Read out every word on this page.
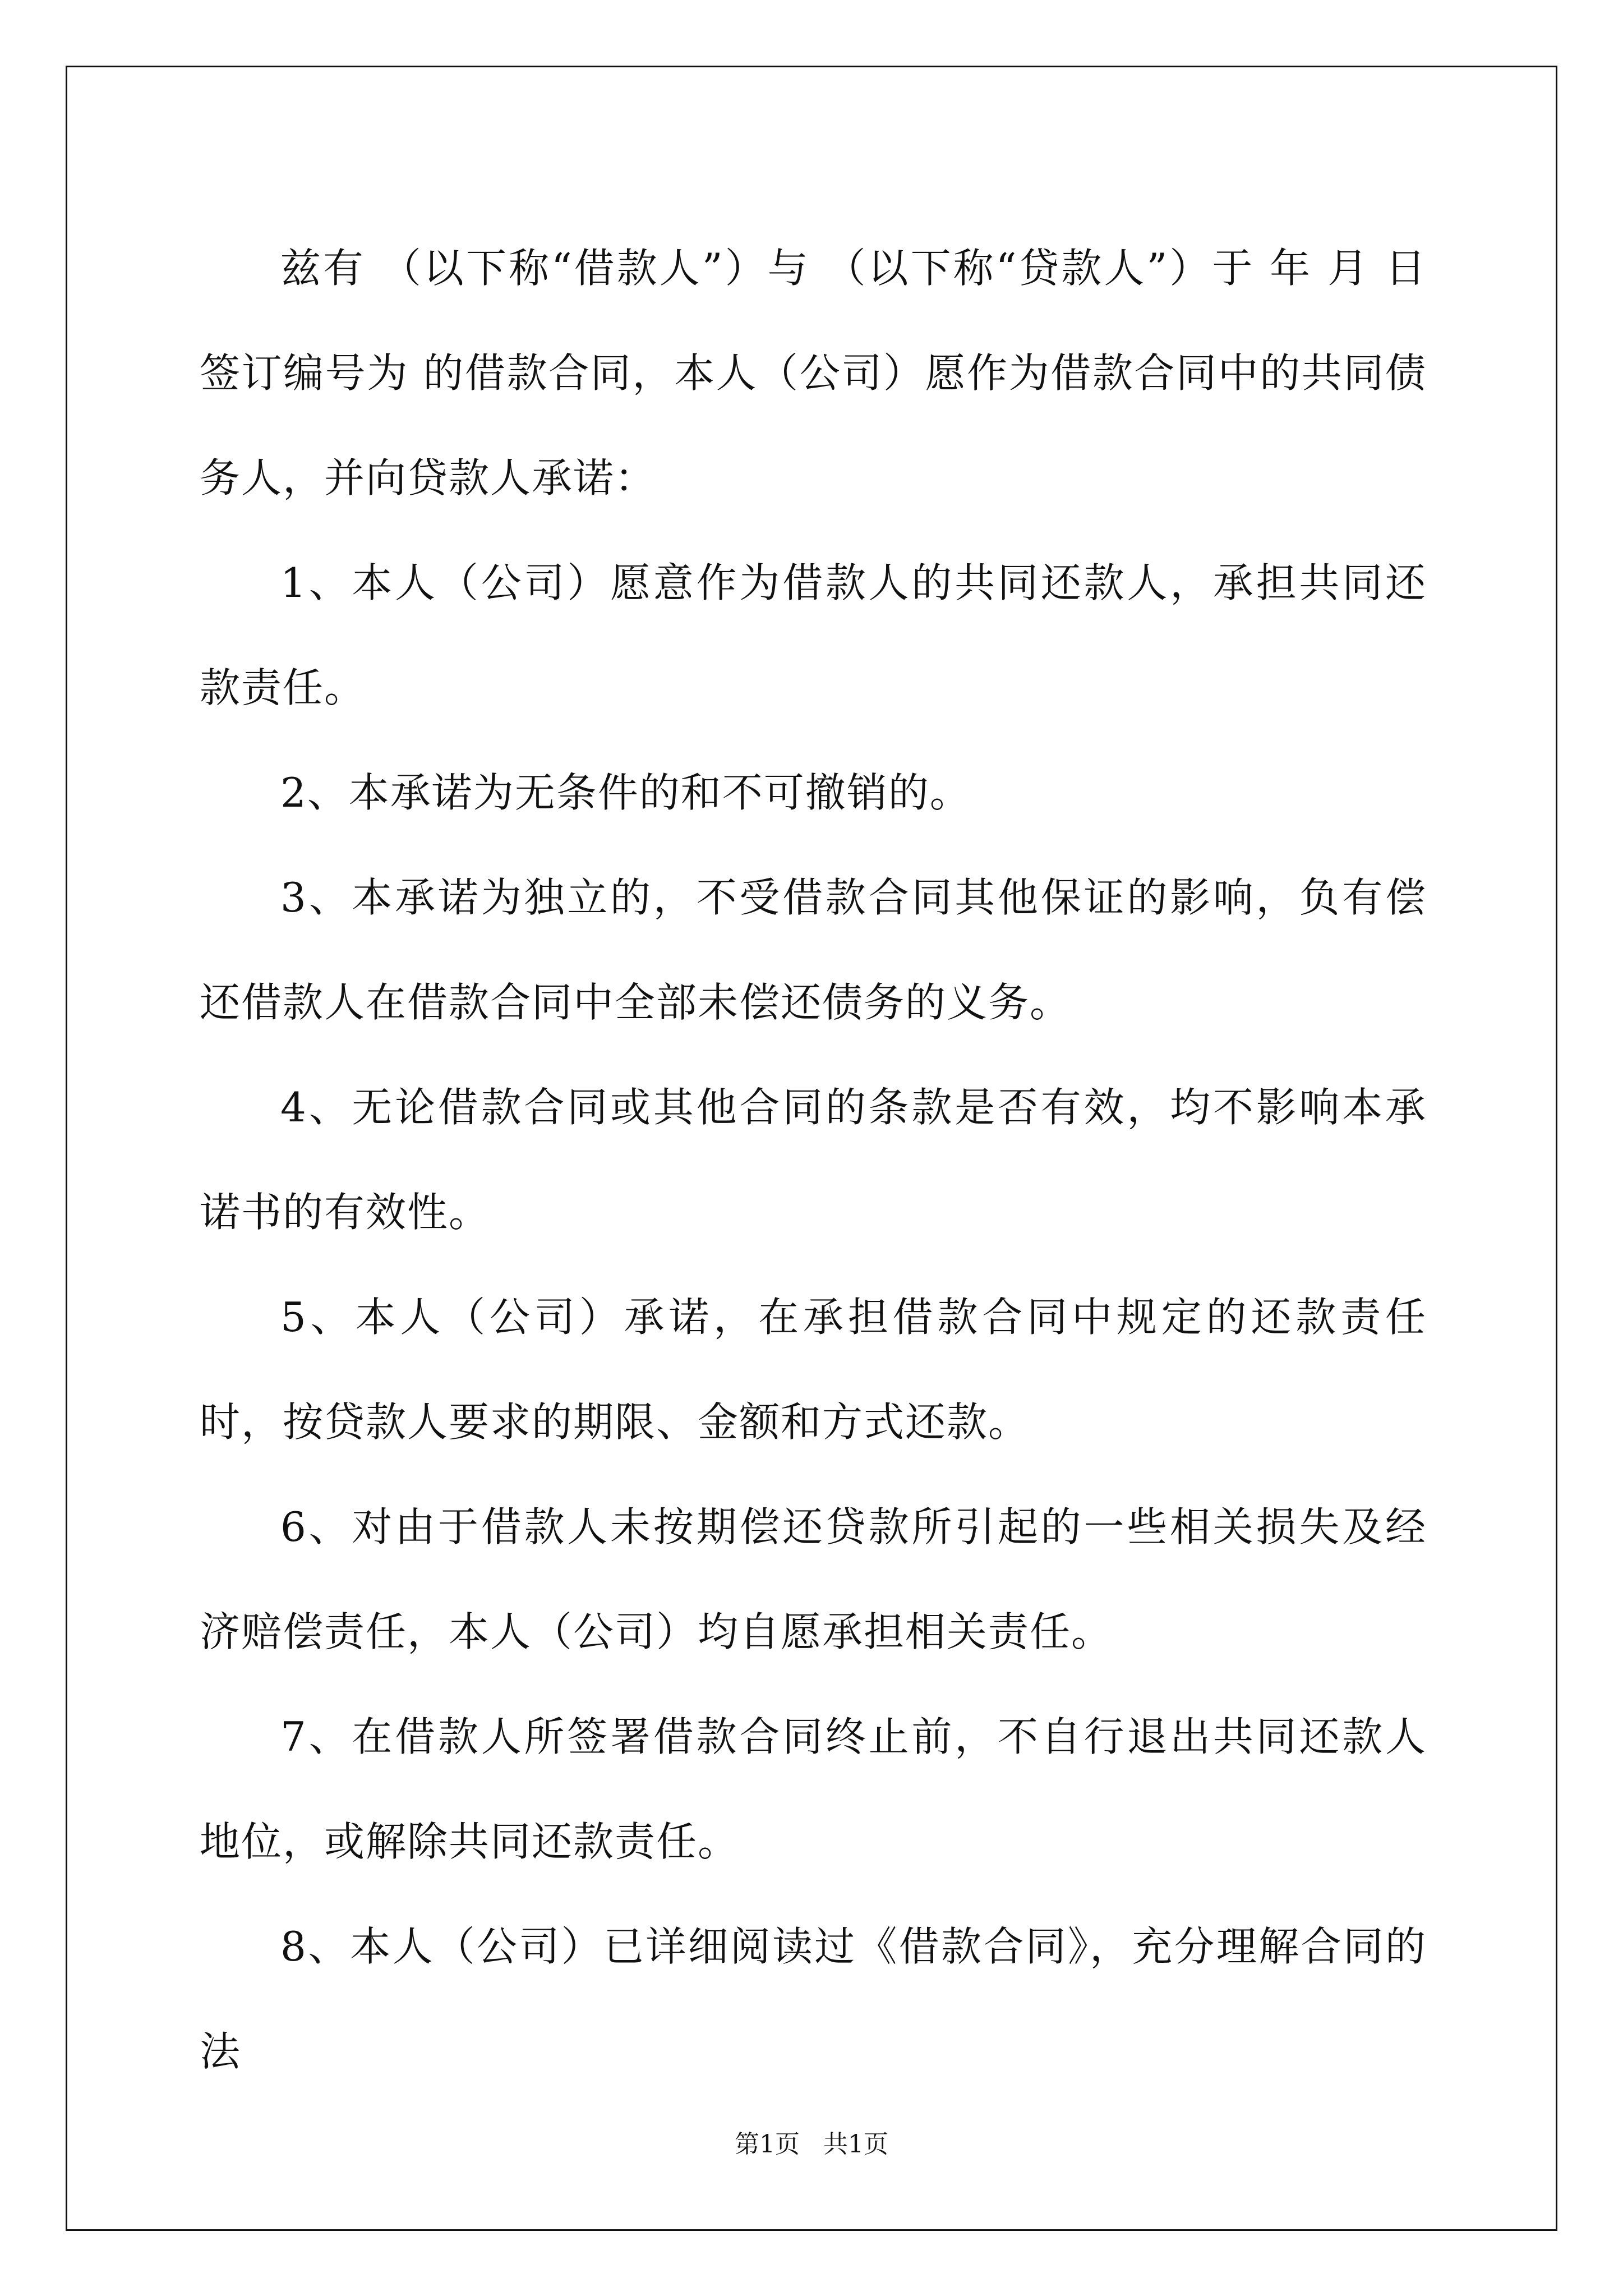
兹有 （以下称“借款人”）与 （以下称“贷款人”）于 年 月 日签订编号为 的借款合同，本人（公司）愿作为借款合同中的共同债务人，并向贷款人承诺：

1、本人（公司）愿意作为借款人的共同还款人，承担共同还款责任。

2、本承诺为无条件的和不可撤销的。

3、本承诺为独立的，不受借款合同其他保证的影响，负有偿还借款人在借款合同中全部未偿还债务的义务。

4、无论借款合同或其他合同的条款是否有效，均不影响本承诺书的有效性。

5、本人（公司）承诺，在承担借款合同中规定的还款责任时，按贷款人要求的期限、金额和方式还款。

6、对由于借款人未按期偿还贷款所引起的一些相关损失及经济赔偿责任，本人（公司）均自愿承担相关责任。

7、在借款人所签署借款合同终止前，不自行退出共同还款人地位，或解除共同还款责任。

8、本人（公司）已详细阅读过《借款合同》，充分理解合同的法

第1页   共1页
